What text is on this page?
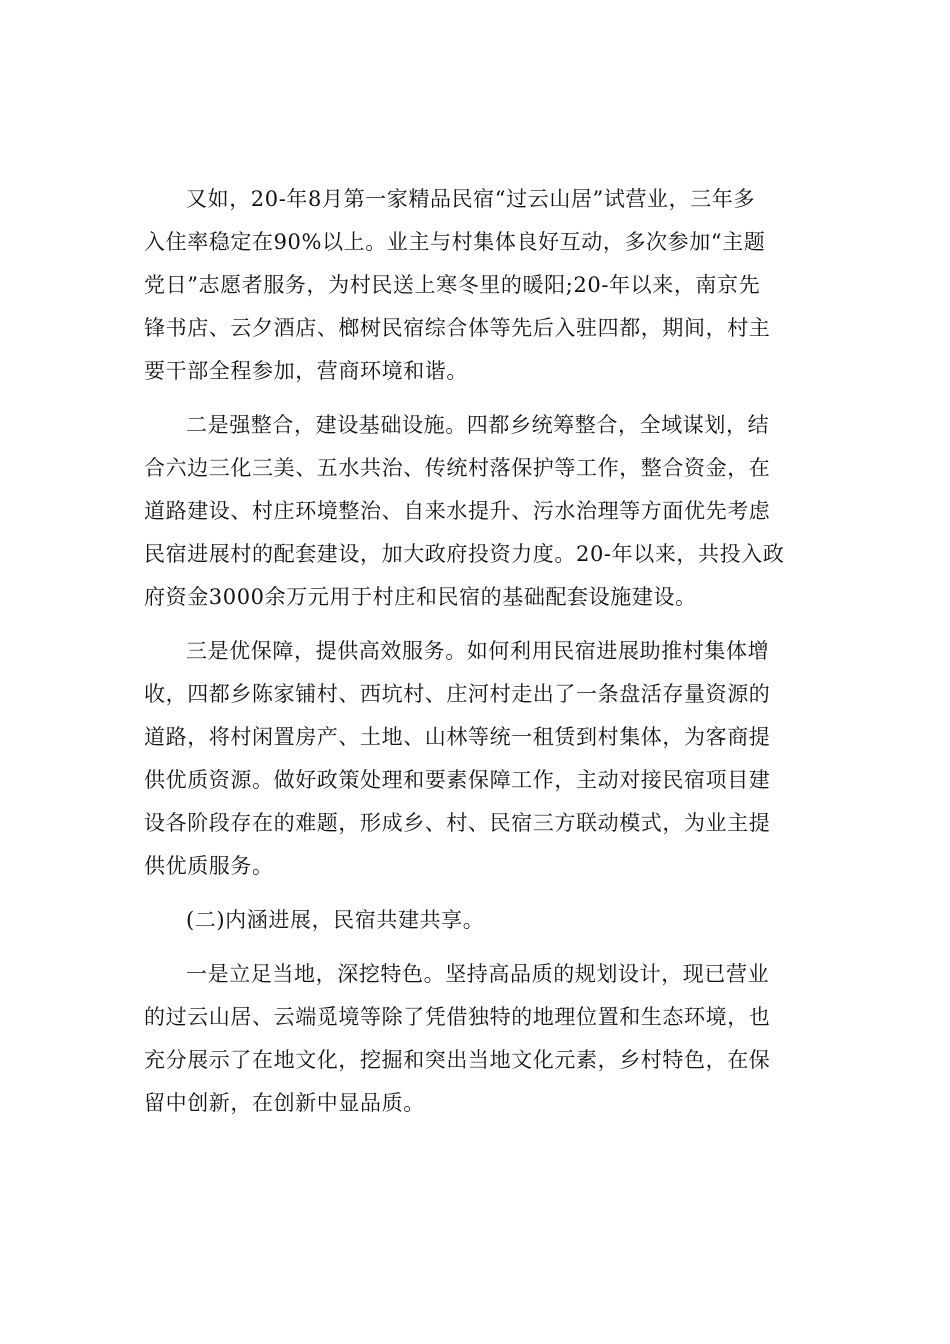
又如，20-年8月第一家精品民宿“过云山居”试营业，三年多
入住率稳定在90%以上。业主与村集体良好互动，多次参加“主题
党日”志愿者服务，为村民送上寒冬里的暖阳;20-年以来，南京先
锋书店、云夕酒店、榔树民宿综合体等先后入驻四都，期间，村主
要干部全程参加，营商环境和谐。

二是强整合，建设基础设施。四都乡统筹整合，全域谋划，结
合六边三化三美、五水共治、传统村落保护等工作，整合资金，在
道路建设、村庄环境整治、自来水提升、污水治理等方面优先考虑
民宿进展村的配套建设，加大政府投资力度。20-年以来，共投入政
府资金3000余万元用于村庄和民宿的基础配套设施建设。

三是优保障，提供高效服务。如何利用民宿进展助推村集体增
收，四都乡陈家铺村、西坑村、庄河村走出了一条盘活存量资源的
道路，将村闲置房产、土地、山林等统一租赁到村集体，为客商提
供优质资源。做好政策处理和要素保障工作，主动对接民宿项目建
设各阶段存在的难题，形成乡、村、民宿三方联动模式，为业主提
供优质服务。

(二)内涵进展，民宿共建共享。

一是立足当地，深挖特色。坚持高品质的规划设计，现已营业
的过云山居、云端觅境等除了凭借独特的地理位置和生态环境，也
充分展示了在地文化，挖掘和突出当地文化元素，乡村特色，在保
留中创新，在创新中显品质。
